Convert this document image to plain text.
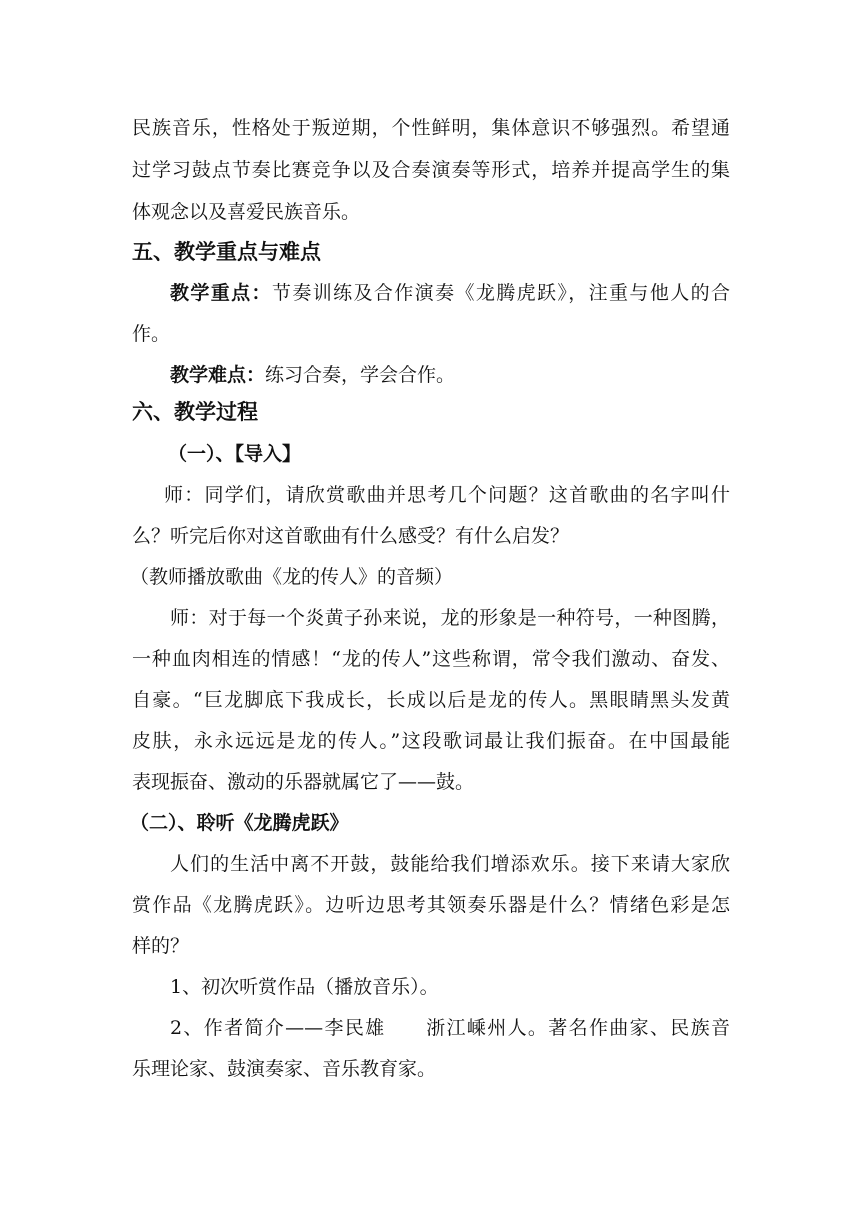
民族音乐，性格处于叛逆期，个性鲜明，集体意识不够强烈。希望通

过学习鼓点节奏比赛竞争以及合奏演奏等形式，培养并提高学生的集

体观念以及喜爱民族音乐。

五、教学重点与难点

教学重点：节奏训练及合作演奏《龙腾虎跃》，注重与他人的合

作。

教学难点：练习合奏，学会合作。

六、教学过程

（一）、【导入】

师：同学们，请欣赏歌曲并思考几个问题？这首歌曲的名字叫什

么？听完后你对这首歌曲有什么感受？有什么启发？

（教师播放歌曲《龙的传人》的音频）

师：对于每一个炎黄子孙来说，龙的形象是一种符号，一种图腾，

一种血肉相连的情感！“龙的传人”这些称谓，常令我们激动、奋发、

自豪。“巨龙脚底下我成长，长成以后是龙的传人。黑眼睛黑头发黄

皮肤，永永远远是龙的传人。”这段歌词最让我们振奋。在中国最能

表现振奋、激动的乐器就属它了——鼓。

（二）、聆听《龙腾虎跃》

人们的生活中离不开鼓，鼓能给我们增添欢乐。接下来请大家欣

赏作品《龙腾虎跃》。边听边思考其领奏乐器是什么？情绪色彩是怎

样的？

1、初次听赏作品（播放音乐）。

2、作者简介——李民雄　　浙江嵊州人。著名作曲家、民族音

乐理论家、鼓演奏家、音乐教育家。
